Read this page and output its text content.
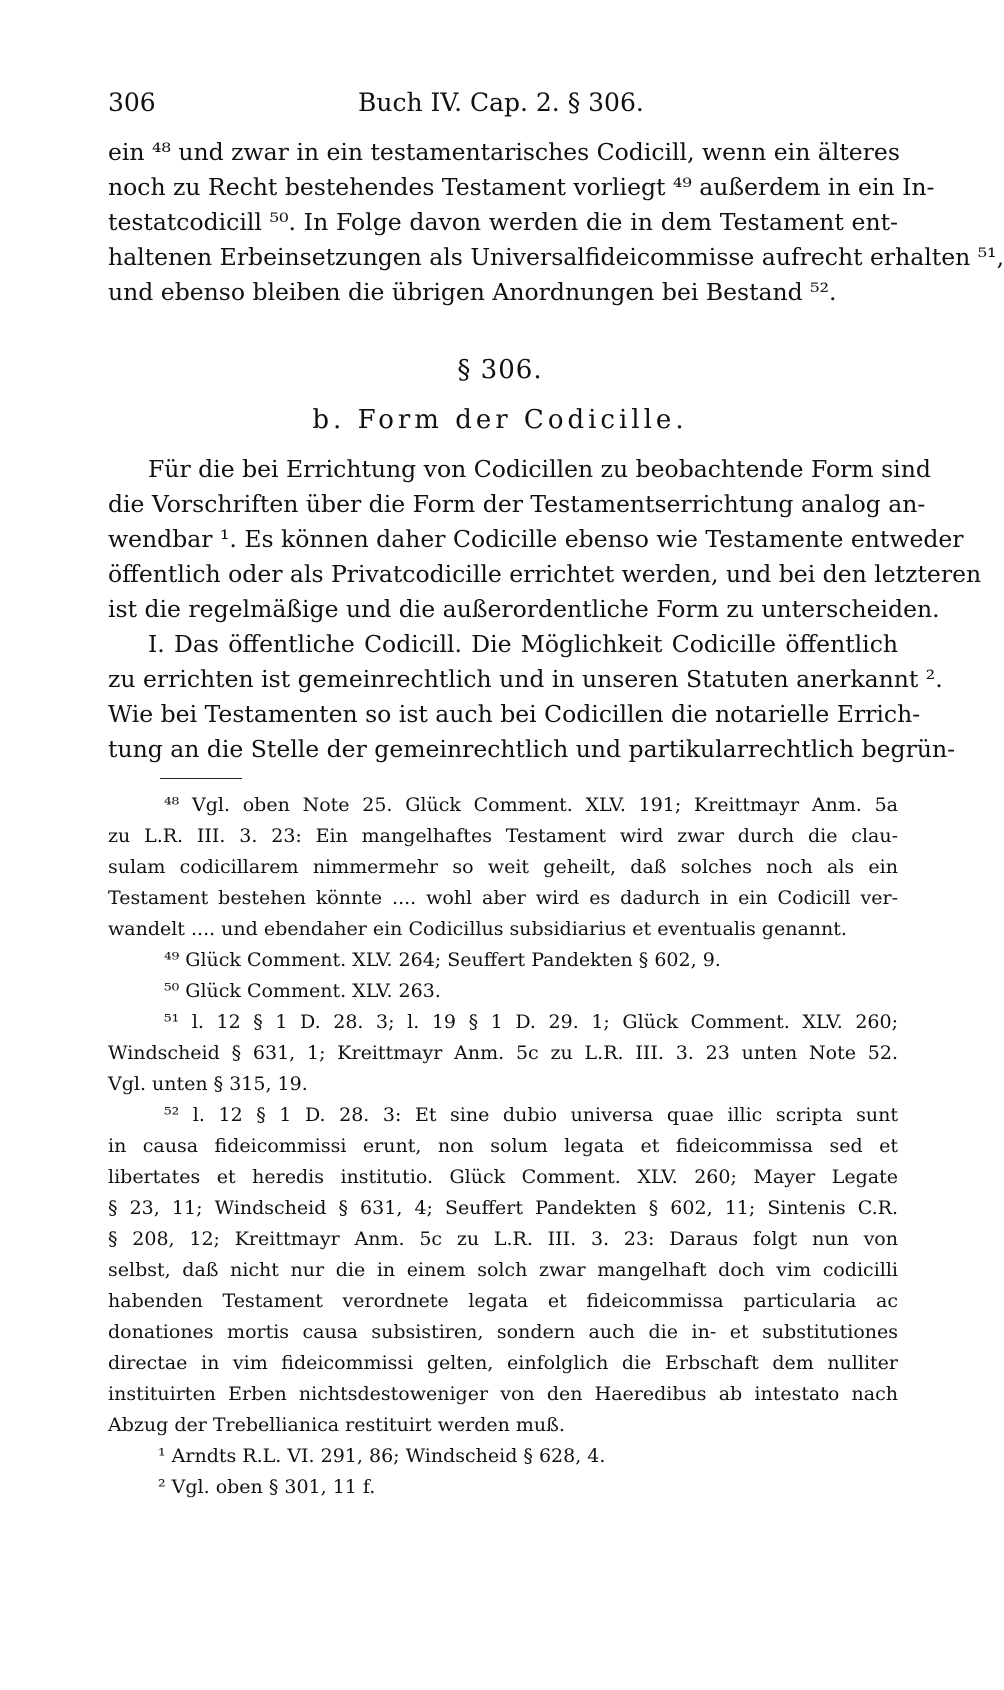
306	Buch IV. Cap. 2. § 306.
ein ⁴⁸ und zwar in ein testamentarisches Codicill, wenn ein älteres
noch zu Recht bestehendes Testament vorliegt ⁴⁹ außerdem in ein In-
testatcodicill ⁵⁰. In Folge davon werden die in dem Testament ent-
haltenen Erbeinsetzungen als Universalfideicommisse aufrecht erhalten ⁵¹,
und ebenso bleiben die übrigen Anordnungen bei Bestand ⁵².
§ 306.
b. Form der Codicille.
Für die bei Errichtung von Codicillen zu beobachtende Form sind
die Vorschriften über die Form der Testamentserrichtung analog an-
wendbar ¹. Es können daher Codicille ebenso wie Testamente entweder
öffentlich oder als Privatcodicille errichtet werden, und bei den letzteren
ist die regelmäßige und die außerordentliche Form zu unterscheiden.
I. Das öffentliche Codicill. Die Möglichkeit Codicille öffentlich
zu errichten ist gemeinrechtlich und in unseren Statuten anerkannt ².
Wie bei Testamenten so ist auch bei Codicillen die notarielle Errich-
tung an die Stelle der gemeinrechtlich und partikularrechtlich begrün-
⁴⁸ Vgl. oben Note 25. Glück Comment. XLV. 191; Kreittmayr Anm. 5a
zu L.R. III. 3. 23: Ein mangelhaftes Testament wird zwar durch die clau-
sulam codicillarem nimmermehr so weit geheilt, daß solches noch als ein
Testament bestehen könnte .... wohl aber wird es dadurch in ein Codicill ver-
wandelt .... und ebendaher ein Codicillus subsidiarius et eventualis genannt.
⁴⁹ Glück Comment. XLV. 264; Seuffert Pandekten § 602, 9.
⁵⁰ Glück Comment. XLV. 263.
⁵¹ l. 12 § 1 D. 28. 3; l. 19 § 1 D. 29. 1; Glück Comment. XLV. 260;
Windscheid § 631, 1; Kreittmayr Anm. 5c zu L.R. III. 3. 23 unten Note 52.
Vgl. unten § 315, 19.
⁵² l. 12 § 1 D. 28. 3: Et sine dubio universa quae illic scripta sunt
in causa fideicommissi erunt, non solum legata et fideicommissa sed et
libertates et heredis institutio. Glück Comment. XLV. 260; Mayer Legate
§ 23, 11; Windscheid § 631, 4; Seuffert Pandekten § 602, 11; Sintenis C.R.
§ 208, 12; Kreittmayr Anm. 5c zu L.R. III. 3. 23: Daraus folgt nun von
selbst, daß nicht nur die in einem solch zwar mangelhaft doch vim codicilli
habenden Testament verordnete legata et fideicommissa particularia ac
donationes mortis causa subsistiren, sondern auch die in- et substitutiones
directae in vim fideicommissi gelten, einfolglich die Erbschaft dem nulliter
instituirten Erben nichtsdestoweniger von den Haeredibus ab intestato nach
Abzug der Trebellianica restituirt werden muß.
¹ Arndts R.L. VI. 291, 86; Windscheid § 628, 4.
² Vgl. oben § 301, 11 f.
